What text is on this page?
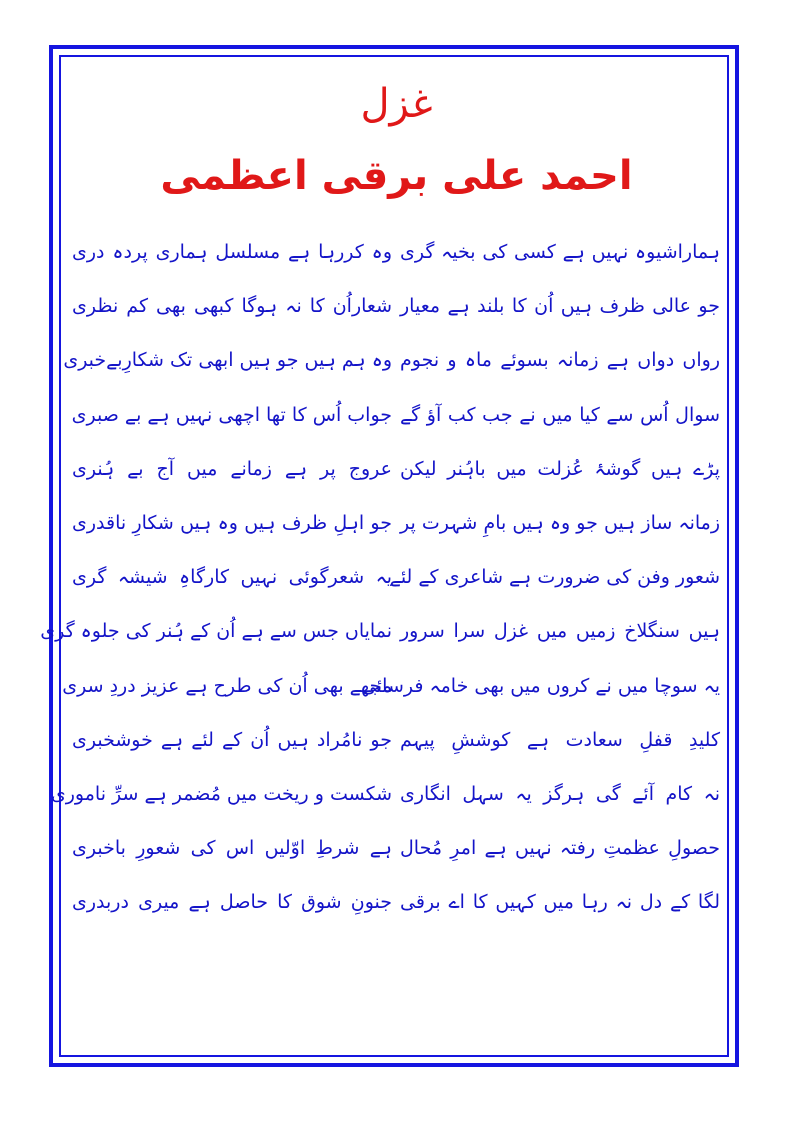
غزل
احمد علی برقی اعظمی
ہماراشیوہ نہیں ہے کسی کی بخیہ گری
وہ کررہا ہے مسلسل ہماری پردہ دری
جو عالی ظرف ہیں اُن کا بلند ہے معیار
شعاراُن کا نہ ہوگا کبھی بھی کم نظری
رواں دواں ہے زمانہ بسوئے ماہ و نجوم
وہ ہم ہیں جو ہیں ابھی تک شکارِبےخبری
سوال اُس سے کیا میں نے جب کب آؤ گے
جواب اُس کا تھا اچھی نہیں ہے بے صبری
پڑے ہیں گوشۂ عُزلت میں باہُنر لیکن
عروج پر ہے زمانے میں آج بے ہُنری
زمانہ ساز ہیں جو وہ ہیں بامِ شہرت پر
جو اہلِ ظرف ہیں وہ ہیں شکارِ ناقدری
شعور وفن کی ضرورت ہے شاعری کے لئے
یہ شعرگوئی نہیں کارگاہِ شیشہ گری
ہیں سنگلاخ زمیں میں غزل سرا سرور
نمایاں جس سے ہے اُن کے ہُنر کی جلوہ گری
یہ سوچا میں نے کروں میں بھی خامہ فرسائی
مجھے بھی اُن کی طرح ہے عزیز دردِ سری
کلیدِ قفلِ سعادت ہے کوششِ پیہم
جو نامُراد ہیں اُن کے لئے ہے خوشخبری
نہ کام آئے گی ہرگز یہ سہل انگاری
شکست و ریخت میں مُضمر ہے سرِّ ناموری
حصولِ عظمتِ رفتہ نہیں ہے امرِ مُحال
ہے شرطِ اوّلیں اس کی شعورِ باخبری
لگا کے دل نہ رہا میں کہیں کا اے برقی
جنونِ شوق کا حاصل ہے میری دربدری
